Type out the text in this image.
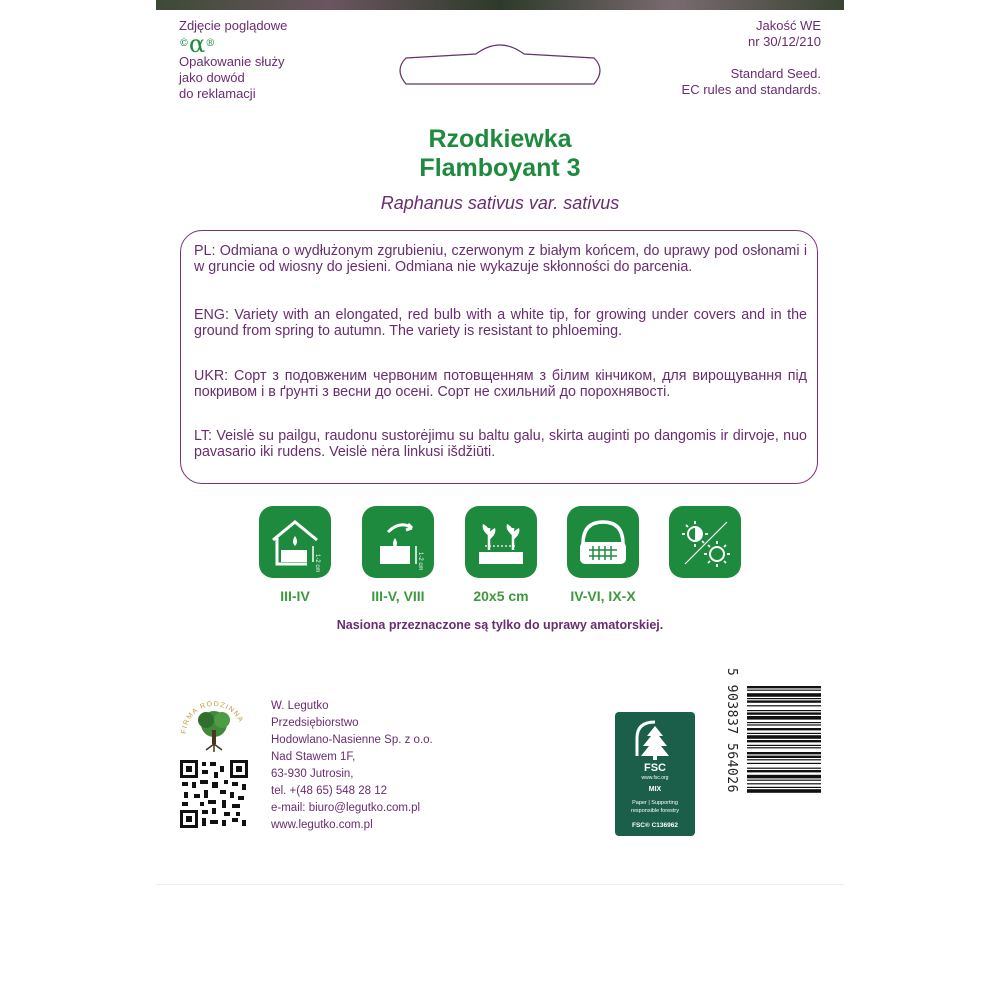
Zdjęcie poglądowe
© α ®
Opakowanie służy
jako dowód
do reklamacji
Jakość WE
nr 30/12/210
Standard Seed.
EC rules and standards.
Rzodkiewka
Flamboyant 3
Raphanus sativus var. sativus
PL: Odmiana o wydłużonym zgrubieniu, czerwonym z białym końcem, do uprawy pod osłonami i w gruncie od wiosny do jesieni. Odmiana nie wykazuje skłonności do parcenia.
ENG: Variety with an elongated, red bulb with a white tip, for growing under covers and in the ground from spring to autumn. The variety is resistant to phloeming.
UKR: Сорт з подовженим червоним потовщенням з білим кінчиком, для вирощування під покривом і в ґрунті з весни до осені. Сорт не схильний до порохнявості.
LT: Veislė su pailgu, raudonu sustorėjimu su baltu galu, skirta auginti po dangomis ir dirvoje, nuo pavasario iki rudens. Veislė nėra linkusi išdžiūti.
1-2 cm	1-2 cm
III-IV	III-V, VIII	20x5 cm	IV-VI, IX-X
Nasiona przeznaczone są tylko do uprawy amatorskiej.
FIRMA RODZINNA
W. Legutko
Przedsiębiorstwo
Hodowlano-Nasienne Sp. z o.o.
Nad Stawem 1F,
63-930 Jutrosin,
tel. +(48 65) 548 28 12
e-mail: biuro@legutko.com.pl
www.legutko.com.pl
FSC
www.fsc.org
MIX
Paper | Supporting
responsible forestry
FSC® C136962
5 903837 564026
